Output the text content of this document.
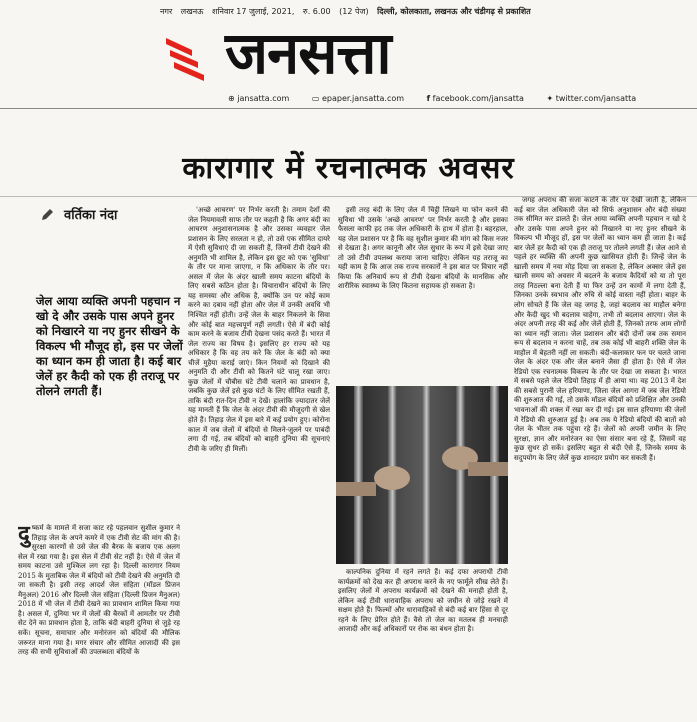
नगर लखनऊ शनिवार 17 जुलाई, 2021, रु. 6.00 (12 पेज) दिल्ली, कोलकाता, लखनऊ और चंडीगढ़ से प्रकाशित
जनसत्ता
⊕ jansatta.com	▭ epaper.jansatta.com	f facebook.com/jansatta	✦ twitter.com/jansatta
कारागार में रचनात्मक अवसर
वर्तिका नंदा
जेल आया व्यक्ति अपनी पहचान न खो दे और उसके पास अपने हुनर को निखारने या नए हुनर सीखने के विकल्प भी मौजूद हो, इस पर जेलों का ध्यान कम ही जाता है। कई बार जेलें हर कैदी को एक ही तराजू पर तोलने लगती हैं।
दु ष्कर्म के मामले में सजा काट रहे पहलवान सुशील कुमार ने तिहाड़ जेल के अपने कमरे में एक टीवी सेट की मांग की है। सुरक्षा कारणों से उसे जेल की बैरक के बजाय एक अलग सेल में रखा गया है। इस सेल में टीवी सेट नहीं है। ऐसे में जेल में समय काटना उसे मुश्किल लग रहा है। दिल्ली कारागार नियम 2015 के मुताबिक जेल में बंदियों को टीवी देखने की अनुमति दी जा सकती है। इसी तरह आदर्श जेल संहिता (मॉडल प्रिजन मैनुअल) 2016 और दिल्ली जेल संहिता (दिल्ली प्रिजन मैनुअल) 2018 में भी जेल में टीवी देखने का प्रावधान शामिल किया गया है। असल में, दुनिया भर में जेलों की बैरकों में आमतौर पर टीवी सेट देने का प्रावधान होता है, ताकि बंदी बाहरी दुनिया से जुड़े रह सकें। सूचना, समाचार और मनोरंजन को बंदियों की मौलिक जरूरत माना गया है। मगर संचार और सीमित आजादी की इस तरह की सभी सुविधाओं की उपलब्धता बंदियों के

'अच्छे आचरण' पर निर्भर करती है। तमाम देशों की जेल नियमावली साफ तौर पर कहती है कि अगर बंदी का आचरण अनुशासनात्मक है और उसका व्यवहार जेल प्रशासन के लिए सरलता न हो, तो उसे एक सीमित दायरे में ऐसी सुविधाएं दी जा सकती हैं, जिनमें टीवी देखने की अनुमति भी शामिल है, लेकिन इस छूट को एक 'सुविधा' के तौर पर माना जाएगा, न कि अधिकार के तौर पर। असल में जेल के अंदर खाली समय काटना बंदियों के लिए सबसे कठिन होता है। विचाराधीन बंदियों के लिए यह समस्या और अधिक है, क्योंकि उन पर कोई काम करने का दबाव नहीं होता और जेल में उनकी अवधि भी निश्चित नहीं होती। उन्हें जेल के बाहर निकलने के सिवा और कोई बात महत्त्वपूर्ण नहीं लगती। ऐसे में बंदी कोई काम करने के बजाय टीवी देखना पसंद करते हैं। भारत में जेल राज्य का विषय है। इसलिए हर राज्य को यह अधिकार है कि वह तय करे कि जेल के बंदी को क्या चीजें मुहैया कराई जाएं। किन नियमों को दिखाने की अनुमति दी और टीवी को कितने घंटे चालू रखा जाए। कुछ जेलों में चौबीस घंटे टीवी चलाने का प्रावधान है, जबकि कुछ जेलें इसे कुछ घंटों के लिए सीमित रखती हैं, ताकि बंदी रात-दिन टीवी न देखें। हालांकि ज्यादातर जेलें यह मानती हैं कि जेल के अंदर टीवी की मौजूदगी से खेल होते हैं। तिहाड़ जेल में इस बारे में कई प्रयोग हुए। कोरोना काल में जब जेलों में बंदियों से मिलने-जुलने पर पाबंदी लगा दी गई, तब बंदियों को बाहरी दुनिया की सूचनाएं टीवी के जरिए ही मिलीं।

इसी तरह बंदी के लिए जेल में चिट्ठी लिखने या फोन करने की सुविधा भी उसके 'अच्छे आचरण' पर निर्भर करती है और इसका फैसला काफी हद तक जेल अधिकारी के हाथ में होता है। बहरहाल, यह जेल प्रशासन पर है कि वह सुशील कुमार की मांग को किस नजर से देखता है। अगर कानूनी और जेल सुधार के रूप में इसे देखा जाए तो उसे टीवी उपलब्ध कराया जाना चाहिए। लेकिन यह तराजू का यही काम है कि आज तक राज्य सरकारों ने इस बात पर विचार नहीं किया कि अनिवार्य रूप से टीवी देखना बंदियों के मानसिक और शारीरिक स्वास्थ्य के लिए कितना सहायक हो सकता है।

काल्पनिक दुनिया में रहने लगते हैं। कई दफा अपराधी टीवी कार्यक्रमों को देख कर ही अपराध करने के नए फार्मूले सीख लेते हैं। इसलिए जेलों में अपराध कार्यक्रमों को देखने की मनाही होती है, लेकिन कई टीवी धारावाहिक अपराध को जघीन से जोड़े रखने में सक्षम होते हैं। फिल्मों और धारावाहिकों से बंदी कई बार हिंसा से दूर रहने के लिए प्रेरित होते हैं। वैसे तो जेल का मतलब ही मनचाही आजादी और कई अधिकारों पर रोक का बंधन होता है।

जगह अपराध की सजा काटने के तौर पर देखी जाती है, लेकिन कई बार जेल अधिकारी जेल को सिर्फ अनुशासन और बंदी संख्या तक सीमित कर डालते हैं। जेल आया व्यक्ति अपनी पहचान न खो दे और उसके पास अपने हुनर को निखारने या नए हुनर सीखने के विकल्प भी मौजूद हों, इस पर जेलों का ध्यान कम ही जाता है। कई बार जेलें हर कैदी को एक ही तराजू पर तोलने लगती हैं। जेल आने से पहले हर व्यक्ति की अपनी कुछ खासियत होती हैं। जिन्हें जेल के खाली समय में नया मोड़ दिया जा सकता है, लेकिन अक्सर जेलें इस खाली समय को अवसर में बदलने के बजाय कैदियों को या तो पूरा तरह निठल्ला बना देती हैं या फिर उन्हें उन कामों में लगा देती हैं, जिनका उनके स्वभाव और रुचि से कोई वास्ता नहीं होता। बाहर के लोग सोचते हैं कि जेल वह जगह है, जहां बदलाव का माहौल बनेगा और कैदी खुद भी बदलाव चाहेगा, तभी तो बदलाव आएगा। जेल के अंदर अपनी तरह की कई और जेलें होती हैं, जिनको तरफ आम लोगों का ध्यान नहीं जाता। जेल प्रशासन और बंदी दोनों जब तक समान रूप से बदलाव न करना चाहें, तब तक कोई भी बाहरी शक्ति जेल के माहौल में बेहतरी नहीं ला सकती। बंदी-कलाकार फन पर चलते जाना जेल के अंदर एक और जेल बनाने जैसा ही होता है। ऐसे में जेल रेडियो एक रचनात्मक विकल्प के तौर पर देखा जा सकता है। भारत में सबसे पहले जेल रेडियो तिहाड़ में ही आया था। वह 2013 में देश की सबसे पुरानी जेल हरियाणा, जिला जेल आगरा में जब जेल रेडियो की शुरुआत की गई, तो उसके मॉडल बंदियों को प्रशिक्षित और उनकी भावनाओं की शक्ल में रखा कर दी गई। इस साल हरियाणा की जेलों में रेडियो की शुरुआत हुई है। अब तक ये रेडियो बंदियों की बातों को जेल के भीतर तक पहुंचा रहे हैं। जेलों को अपनी जमीन के लिए सुरक्षा, ज्ञान और मनोरंजन का ऐसा संसार बना रहे हैं, जिसमें वह कुछ सुधर हो सकें। इसलिए बहुत से बंदी ऐसे हैं, जिनके समय के सदुपयोग के लिए जेलें कुछ शानदार प्रयोग कर सकती हैं।
